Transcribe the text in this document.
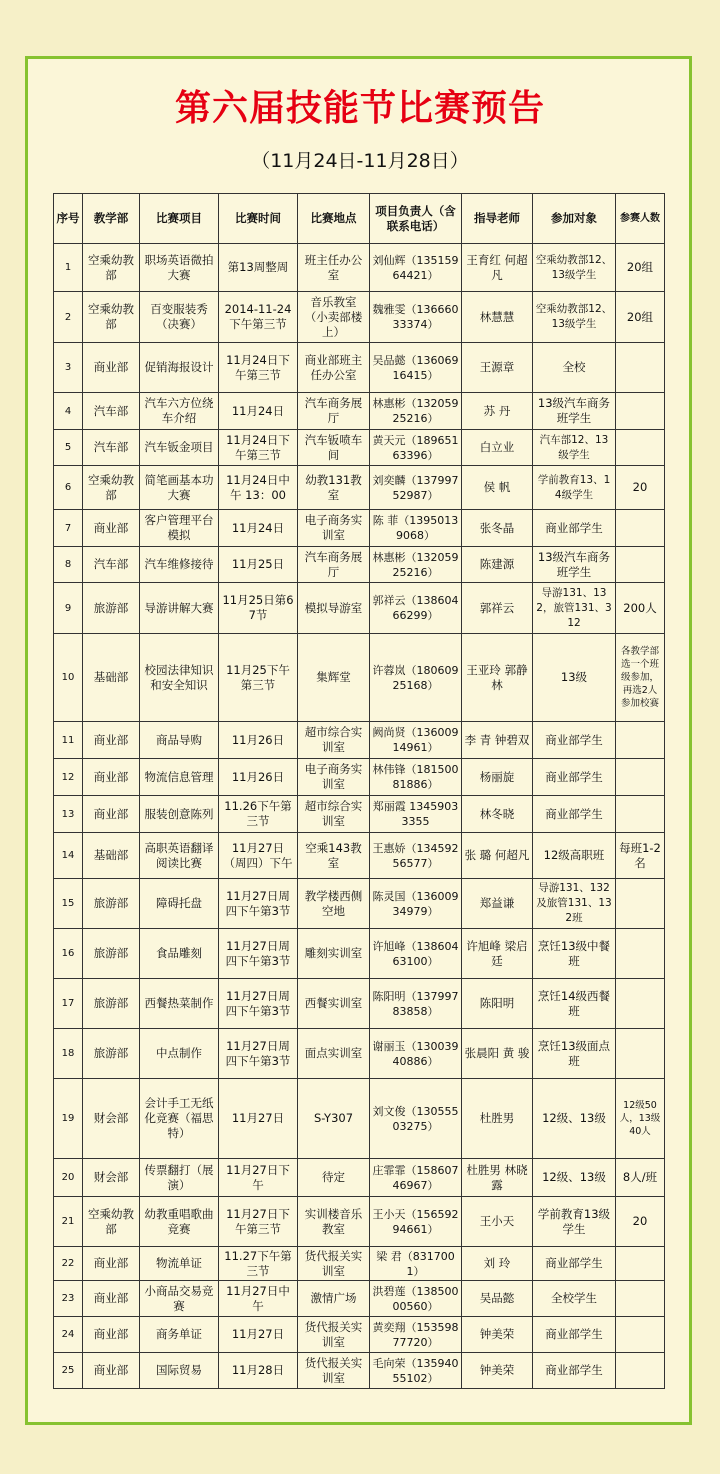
第六届技能节比赛预告
（11月24日-11月28日）
序号	教学部	比赛项目	比赛时间	比赛地点	项目负责人（含联系电话）	指导老师	参加对象	参赛人数
1	空乘幼教部	职场英语微拍大赛	第13周整周	班主任办公室	刘仙辉（13515964421）	王育红 何超凡	空乘幼教部12、13级学生	20组
2	空乘幼教部	百变服装秀（决赛）	2014-11-24 下午第三节	音乐教室（小卖部楼上）	魏雅雯（13666033374）	林慧慧	空乘幼教部12、13级学生	20组
3	商业部	促销海报设计	11月24日下午第三节	商业部班主任办公室	吴品懿（13606916415）	王源章	全校	
4	汽车部	汽车六方位绕车介绍	11月24日	汽车商务展厅	林惠彬（13205925216）	苏 丹	13级汽车商务班学生	
5	汽车部	汽车钣金项目	11月24日下午第三节	汽车钣喷车间	黄天元（18965163396）	白立业	汽车部12、13级学生	
6	空乘幼教部	简笔画基本功大赛	11月24日中午 13：00	幼教131教室	刘奕麟（13799752987）	侯 帆	学前教育13、14级学生	20
7	商业部	客户管理平台模拟	11月24日	电子商务实训室	陈 菲（13950139068）	张冬晶	商业部学生	
8	汽车部	汽车维修接待	11月25日	汽车商务展厅	林惠彬（13205925216）	陈建源	13级汽车商务班学生	
9	旅游部	导游讲解大赛	11月25日第6 7节	模拟导游室	郭祥云（13860466299）	郭祥云	导游131、132，旅管131、312	200人
10	基础部	校园法律知识和安全知识	11月25下午第三节	集辉堂	许蓉岚（18060925168）	王亚玲 郭静林	13级	各教学部选一个班级参加，再选2人参加校赛
11	商业部	商品导购	11月26日	超市综合实训室	阙尚贤（13600914961）	李 青 钟碧双	商业部学生	
12	商业部	物流信息管理	11月26日	电子商务实训室	林伟锋（18150081886）	杨丽旋	商业部学生	
13	商业部	服装创意陈列	11.26下午第三节	超市综合实训室	郑丽霞 13459033355	林冬晓	商业部学生	
14	基础部	高职英语翻译阅读比赛	11月27日（周四）下午	空乘143教室	王惠娇（13459256577）	张 璐 何超凡	12级高职班	每班1-2名
15	旅游部	障碍托盘	11月27日周四下午第3节	教学楼西侧空地	陈灵国（13600934979）	郑益谦	导游131、132及旅管131、132班	
16	旅游部	食品雕刻	11月27日周四下午第3节	雕刻实训室	许旭峰（13860463100）	许旭峰 梁启廷	烹饪13级中餐班	
17	旅游部	西餐热菜制作	11月27日周四下午第3节	西餐实训室	陈阳明（13799783858）	陈阳明	烹饪14级西餐班	
18	旅游部	中点制作	11月27日周四下午第3节	面点实训室	谢丽玉（13003940886）	张晨阳 黄 骏	烹饪13级面点班	
19	财会部	会计手工无纸化竞赛（福思特）	11月27日	S-Y307	刘文俊（13055503275）	杜胜男	12级、13级	12级50人，13级40人
20	财会部	传票翻打（展演）	11月27日下午	待定	庄霏霏（15860746967）	杜胜男 林晓露	12级、13级	8人/班
21	空乘幼教部	幼教重唱歌曲竞赛	11月27日下午第三节	实训楼音乐教室	王小天（15659294661）	王小天	学前教育13级学生	20
22	商业部	物流单证	11.27下午第三节	货代报关实训室	梁 君（8317001）	刘 玲	商业部学生	
23	商业部	小商品交易竞赛	11月27日中午	激情广场	洪碧莲（13850000560）	吴品懿	全校学生	
24	商业部	商务单证	11月27日	货代报关实训室	黄奕翔（15359877720）	钟美荣	商业部学生	
25	商业部	国际贸易	11月28日	货代报关实训室	毛向荣（13594055102）	钟美荣	商业部学生	
